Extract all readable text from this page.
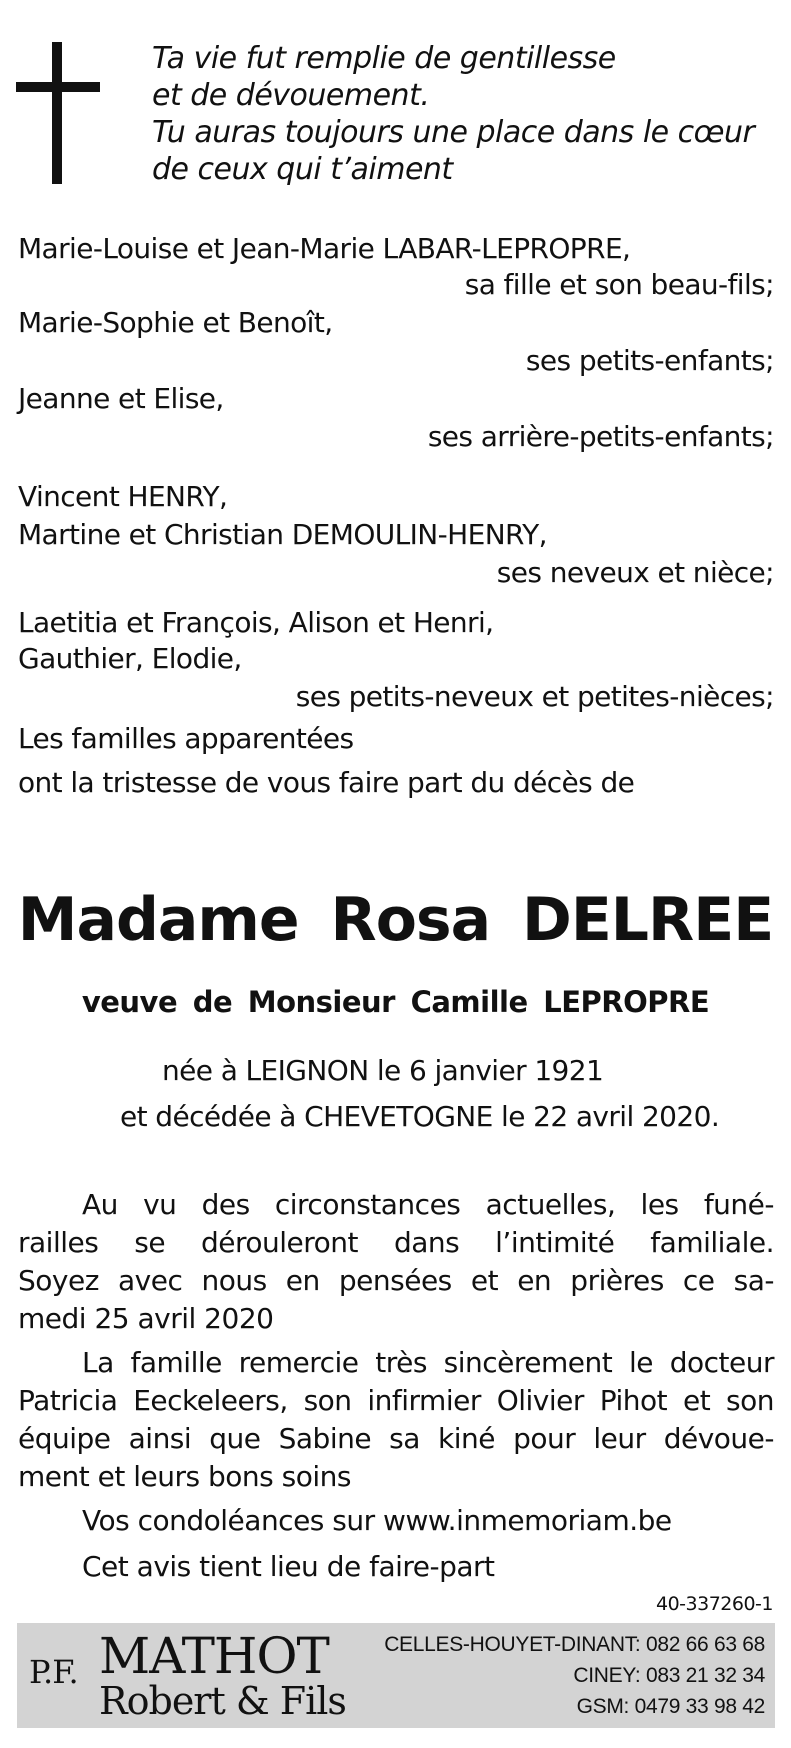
Ta vie fut remplie de gentillesse
et de dévouement.
Tu auras toujours une place dans le cœur
de ceux qui t’aiment
Marie-Louise et Jean-Marie LABAR-LEPROPRE,
sa fille et son beau-fils;
Marie-Sophie et Benoît,
ses petits-enfants;
Jeanne et Elise,
ses arrière-petits-enfants;
Vincent HENRY,
Martine et Christian DEMOULIN-HENRY,
ses neveux et nièce;
Laetitia et François, Alison et Henri,
Gauthier, Elodie,
ses petits-neveux et petites-nièces;
Les familles apparentées
ont la tristesse de vous faire part du décès de
Madame Rosa DELREE
veuve de Monsieur Camille LEPROPRE
née à LEIGNON le 6 janvier 1921
et décédée à CHEVETOGNE le 22 avril 2020.
Au vu des circonstances actuelles, les funé-
railles se dérouleront dans l’intimité familiale.
Soyez avec nous en pensées et en prières ce sa-
medi 25 avril 2020
La famille remercie très sincèrement le docteur
Patricia Eeckeleers, son infirmier Olivier Pihot et son
équipe ainsi que Sabine sa kiné pour leur dévoue-
ment et leurs bons soins
Vos condoléances sur www.inmemoriam.be
Cet avis tient lieu de faire-part
40-337260-1
P.F. MATHOT
Robert & Fils
CELLES-HOUYET-DINANT: 082 66 63 68
CINEY: 083 21 32 34
GSM: 0479 33 98 42
